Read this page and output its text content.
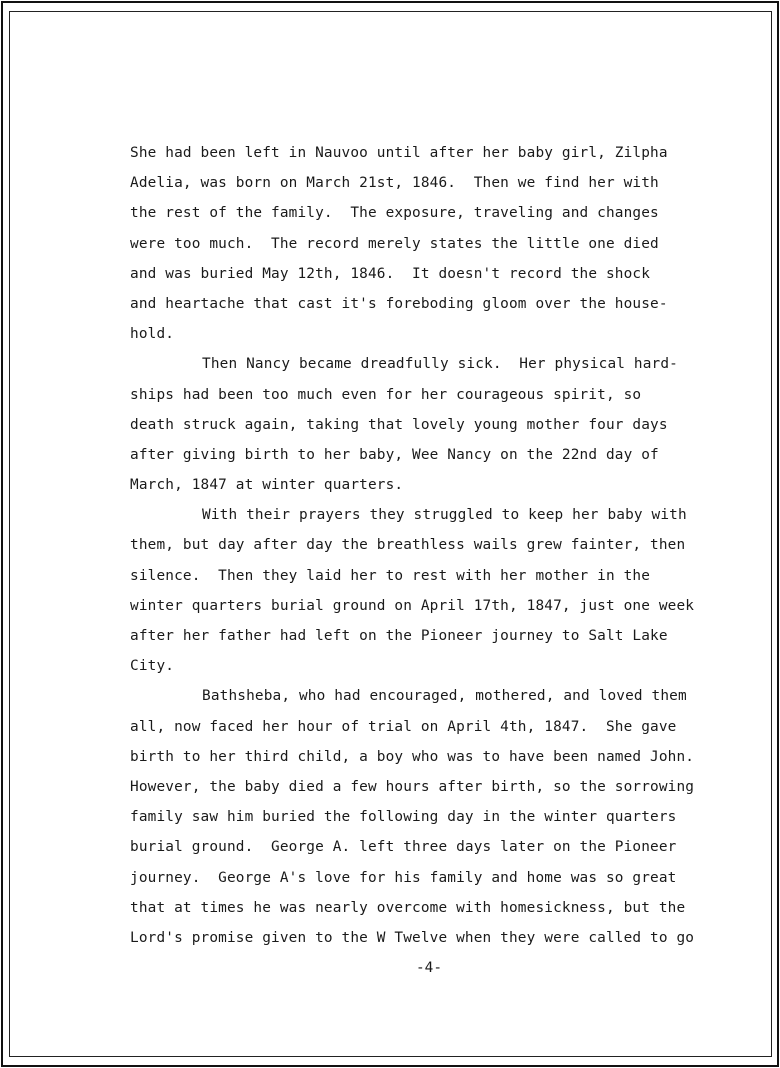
She had been left in Nauvoo until after her baby girl, Zilpha
Adelia, was born on March 21st, 1846.  Then we find her with
the rest of the family.  The exposure, traveling and changes
were too much.  The record merely states the little one died
and was buried May 12th, 1846.  It doesn't record the shock
and heartache that cast it's foreboding gloom over the house-
hold.
Then Nancy became dreadfully sick.  Her physical hard-
ships had been too much even for her courageous spirit, so
death struck again, taking that lovely young mother four days
after giving birth to her baby, Wee Nancy on the 22nd day of
March, 1847 at winter quarters.
With their prayers they struggled to keep her baby with
them, but day after day the breathless wails grew fainter, then
silence.  Then they laid her to rest with her mother in the
winter quarters burial ground on April 17th, 1847, just one week
after her father had left on the Pioneer journey to Salt Lake
City.
Bathsheba, who had encouraged, mothered, and loved them
all, now faced her hour of trial on April 4th, 1847.  She gave
birth to her third child, a boy who was to have been named John.
However, the baby died a few hours after birth, so the sorrowing
family saw him buried the following day in the winter quarters
burial ground.  George A. left three days later on the Pioneer
journey.  George A's love for his family and home was so great
that at times he was nearly overcome with homesickness, but the
Lord's promise given to the W Twelve when they were called to go
-4-
